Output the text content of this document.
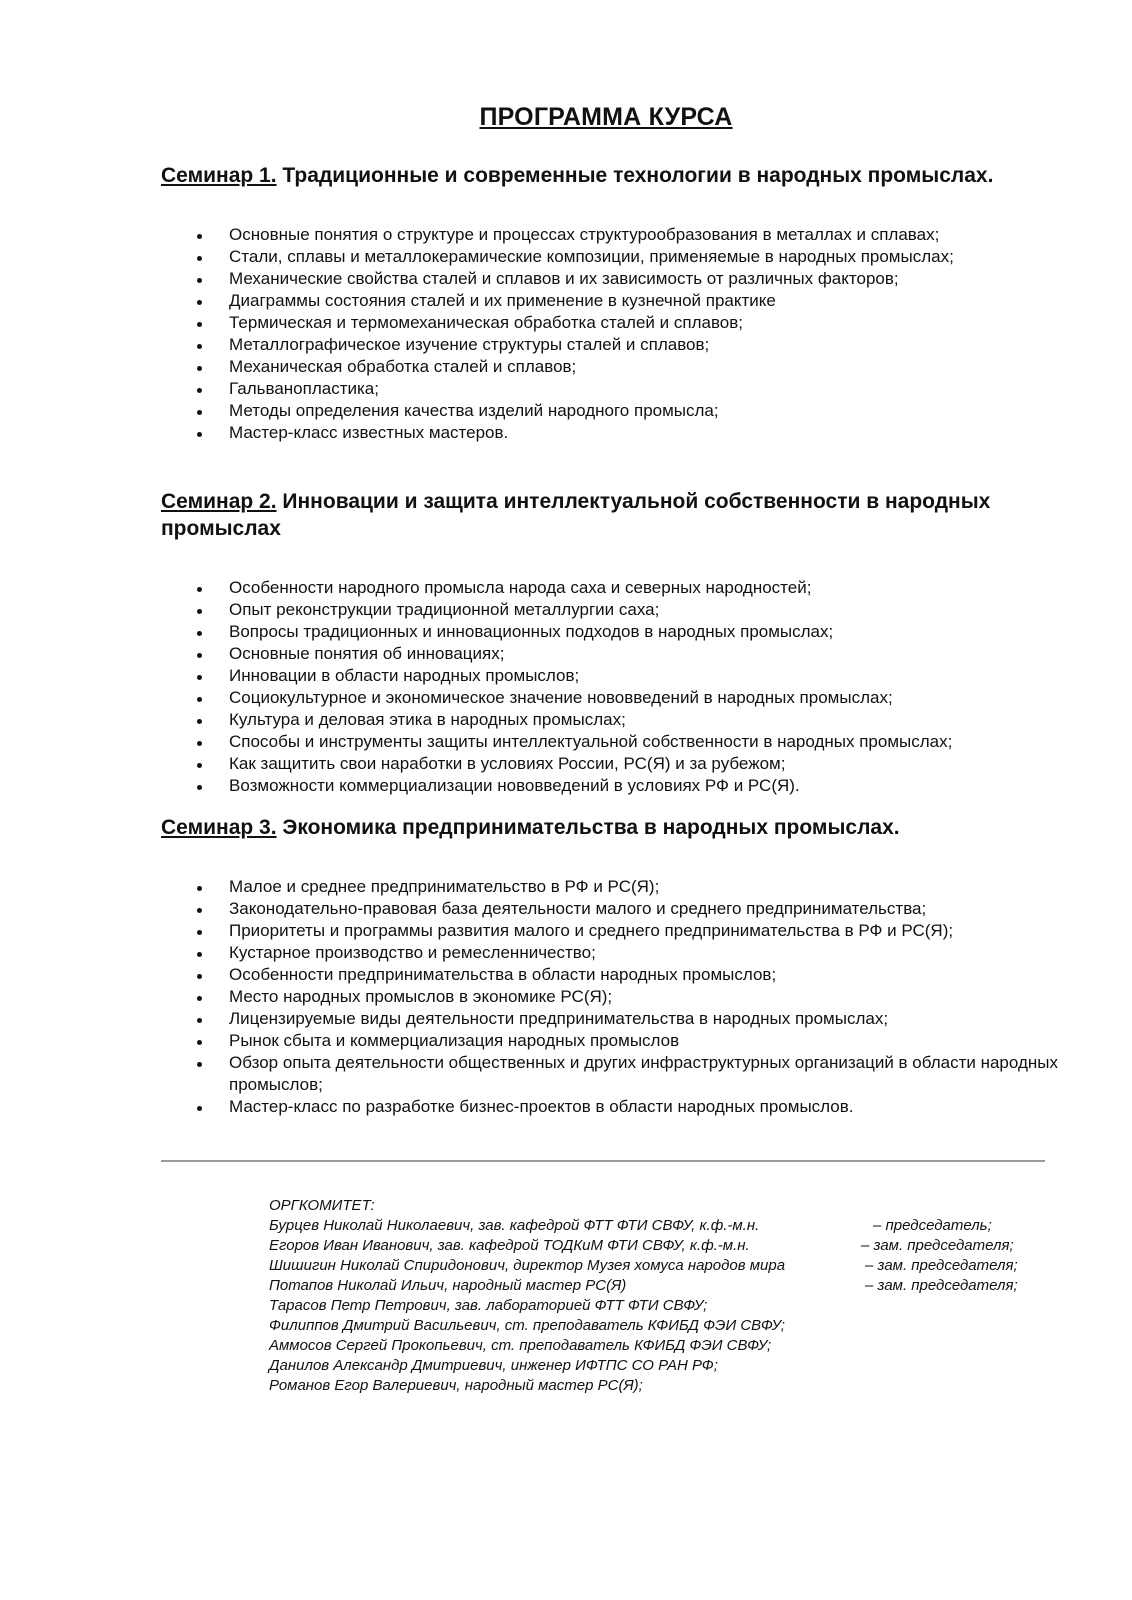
ПРОГРАММА КУРСА
Семинар 1. Традиционные и современные технологии в народных промыслах.
Основные понятия о структуре и процессах структурообразования в металлах и сплавах;
Стали, сплавы и металлокерамические композиции, применяемые в народных промыслах;
Механические свойства сталей и сплавов и их зависимость от различных факторов;
Диаграммы состояния сталей и их применение в кузнечной практике
Термическая и термомеханическая обработка сталей и сплавов;
Металлографическое изучение структуры сталей и сплавов;
Механическая обработка сталей и сплавов;
Гальванопластика;
Методы определения качества изделий народного промысла;
Мастер-класс известных мастеров.
Семинар 2. Инновации и защита интеллектуальной собственности в народных промыслах
Особенности народного промысла народа саха и северных народностей;
Опыт реконструкции традиционной металлургии саха;
Вопросы традиционных и инновационных подходов в народных промыслах;
Основные понятия об инновациях;
Инновации в области народных промыслов;
Социокультурное и экономическое значение нововведений в народных промыслах;
Культура и деловая этика в народных промыслах;
Способы и инструменты защиты интеллектуальной собственности в народных промыслах;
Как защитить свои наработки в условиях России, РС(Я) и за рубежом;
Возможности коммерциализации нововведений в условиях РФ и РС(Я).
Семинар 3. Экономика предпринимательства в народных промыслах.
Малое и среднее предпринимательство в РФ и РС(Я);
Законодательно-правовая база деятельности малого и среднего предпринимательства;
Приоритеты и программы развития малого и среднего предпринимательства в РФ и РС(Я);
Кустарное производство и ремесленничество;
Особенности предпринимательства в области народных промыслов;
Место народных промыслов в экономике РС(Я);
Лицензируемые виды деятельности предпринимательства в народных промыслах;
Рынок сбыта и коммерциализация народных промыслов
Обзор опыта деятельности общественных и других инфраструктурных организаций в области народных промыслов;
Мастер-класс по разработке бизнес-проектов в области народных промыслов.
ОРГКОМИТЕТ:
Бурцев Николай Николаевич, зав. кафедрой ФТТ ФТИ СВФУ, к.ф.-м.н.	– председатель;
Егоров Иван Иванович, зав. кафедрой ТОДКиМ ФТИ СВФУ, к.ф.-м.н.	– зам. председателя;
Шишигин Николай Спиридонович, директор Музея хомуса народов мира	– зам. председателя;
Потапов Николай Ильич, народный мастер РС(Я)	– зам. председателя;
Тарасов Петр Петрович, зав. лабораторией ФТТ ФТИ СВФУ;
Филиппов Дмитрий Васильевич, ст. преподаватель КФИБД ФЭИ СВФУ;
Аммосов Сергей Прокопьевич, ст. преподаватель КФИБД ФЭИ СВФУ;
Данилов Александр Дмитриевич, инженер ИФТПС СО РАН РФ;
Романов Егор Валериевич, народный мастер РС(Я);
